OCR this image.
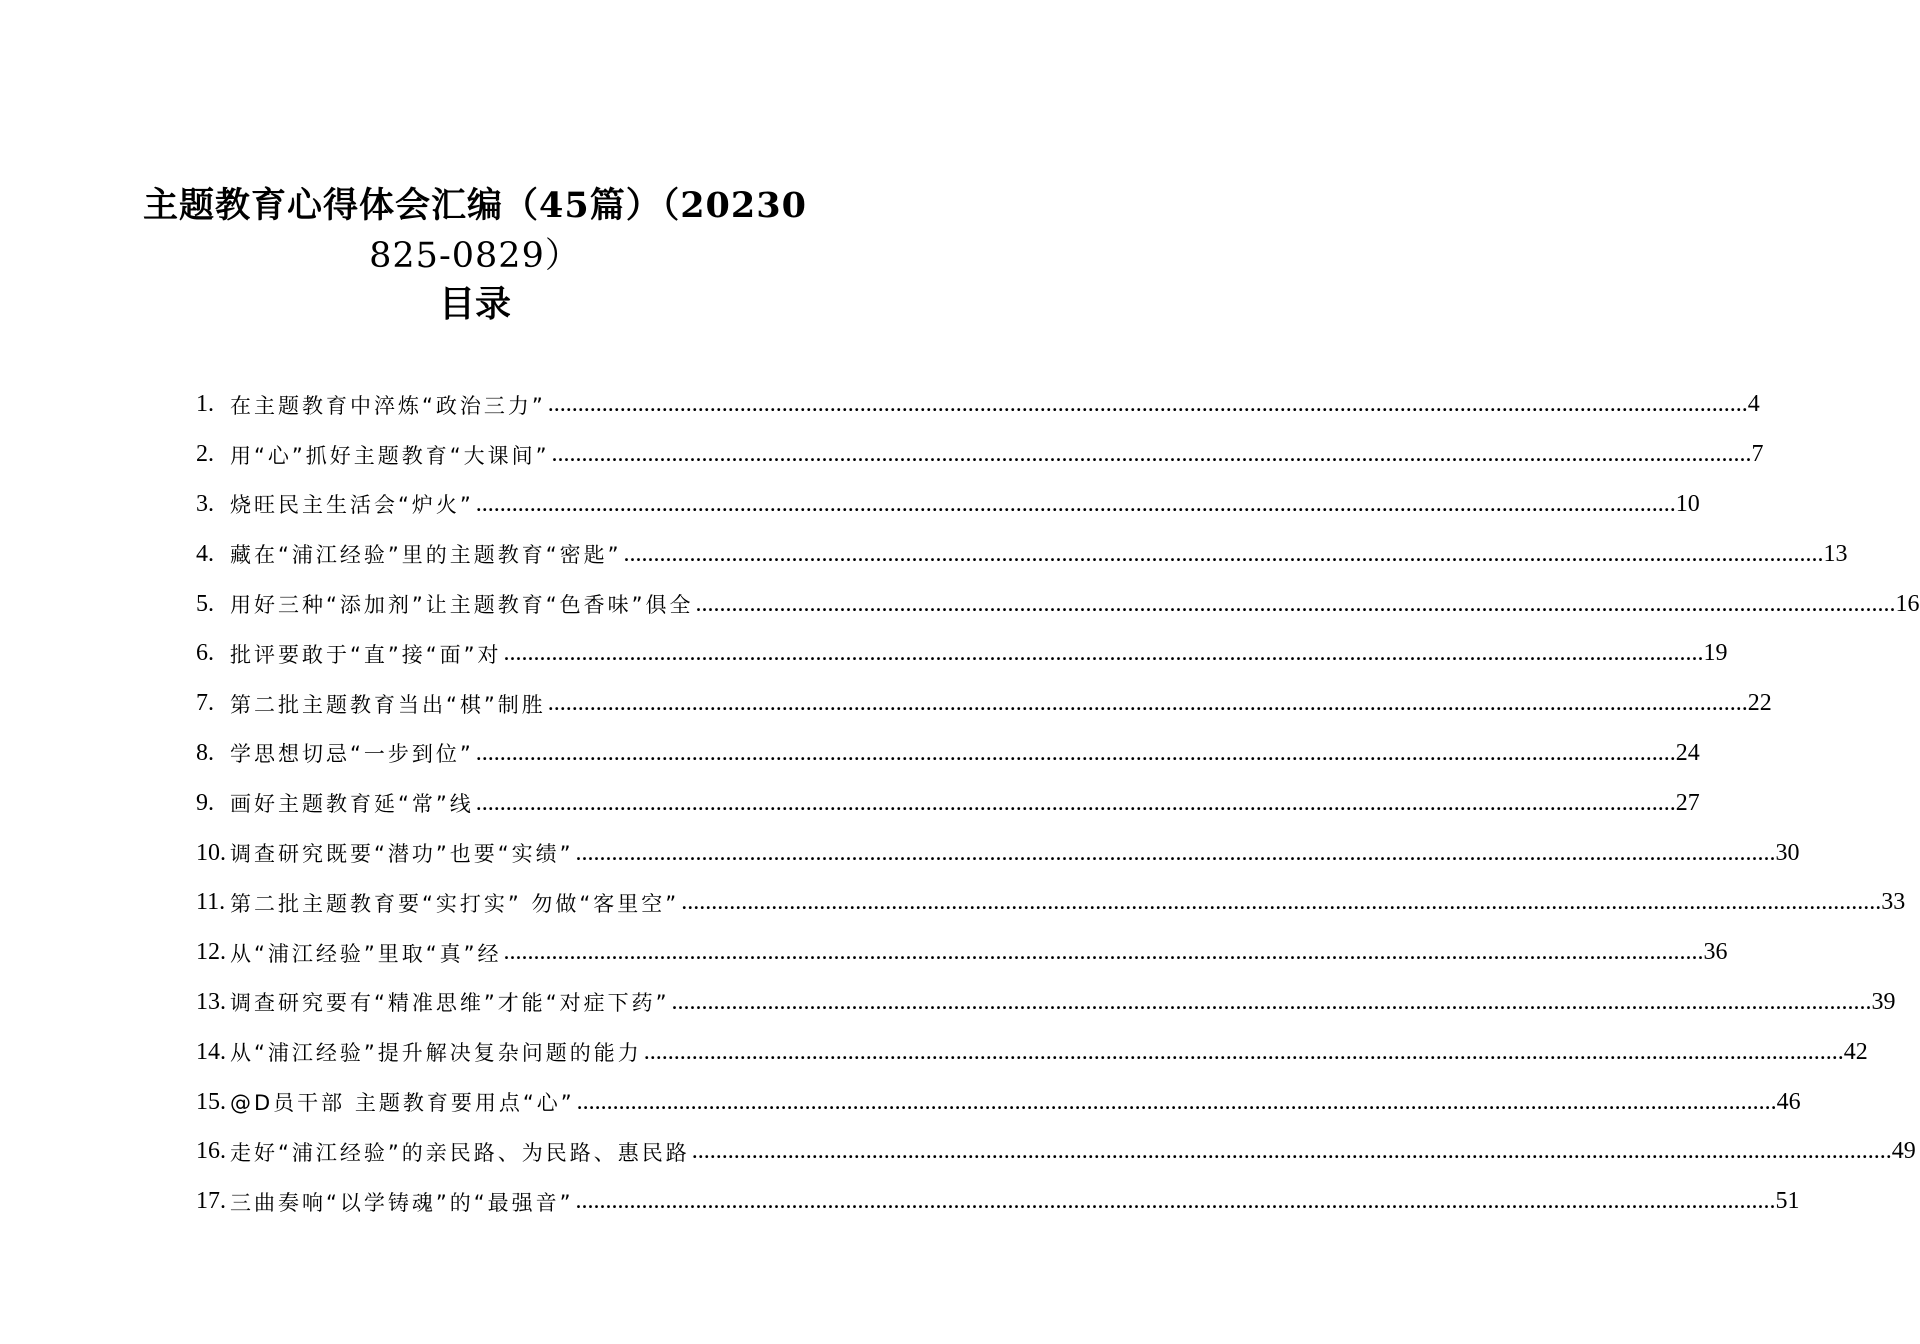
主题教育心得体会汇编（45篇）（20230
825-0829）
目录
1. 在主题教育中淬炼“政治三力” ........................................................................................................................................................................................................ 4
2. 用“心”抓好主题教育“大课间” ........................................................................................................................................................................................................ 7
3. 烧旺民主生活会“炉火” ........................................................................................................................................................................................................ 10
4. 藏在“浦江经验”里的主题教育“密匙” ........................................................................................................................................................................................................ 13
5. 用好三种“添加剂”让主题教育“色香味”俱全 ........................................................................................................................................................................................................ 16
6. 批评要敢于“直”接“面”对 ........................................................................................................................................................................................................ 19
7. 第二批主题教育当出“棋”制胜 ........................................................................................................................................................................................................ 22
8. 学思想切忌“一步到位” ........................................................................................................................................................................................................ 24
9. 画好主题教育延“常”线 ........................................................................................................................................................................................................ 27
10. 调查研究既要“潜功”也要“实绩” ........................................................................................................................................................................................................ 30
11. 第二批主题教育要“实打实” 勿做“客里空” ........................................................................................................................................................................................................ 33
12. 从“浦江经验”里取“真”经 ........................................................................................................................................................................................................ 36
13. 调查研究要有“精准思维”才能“对症下药” ........................................................................................................................................................................................................ 39
14. 从“浦江经验”提升解决复杂问题的能力 ........................................................................................................................................................................................................ 42
15. @D员干部 主题教育要用点“心” ........................................................................................................................................................................................................ 46
16. 走好“浦江经验”的亲民路、为民路、惠民路 ........................................................................................................................................................................................................ 49
17. 三曲奏响“以学铸魂”的“最强音” ........................................................................................................................................................................................................ 51
